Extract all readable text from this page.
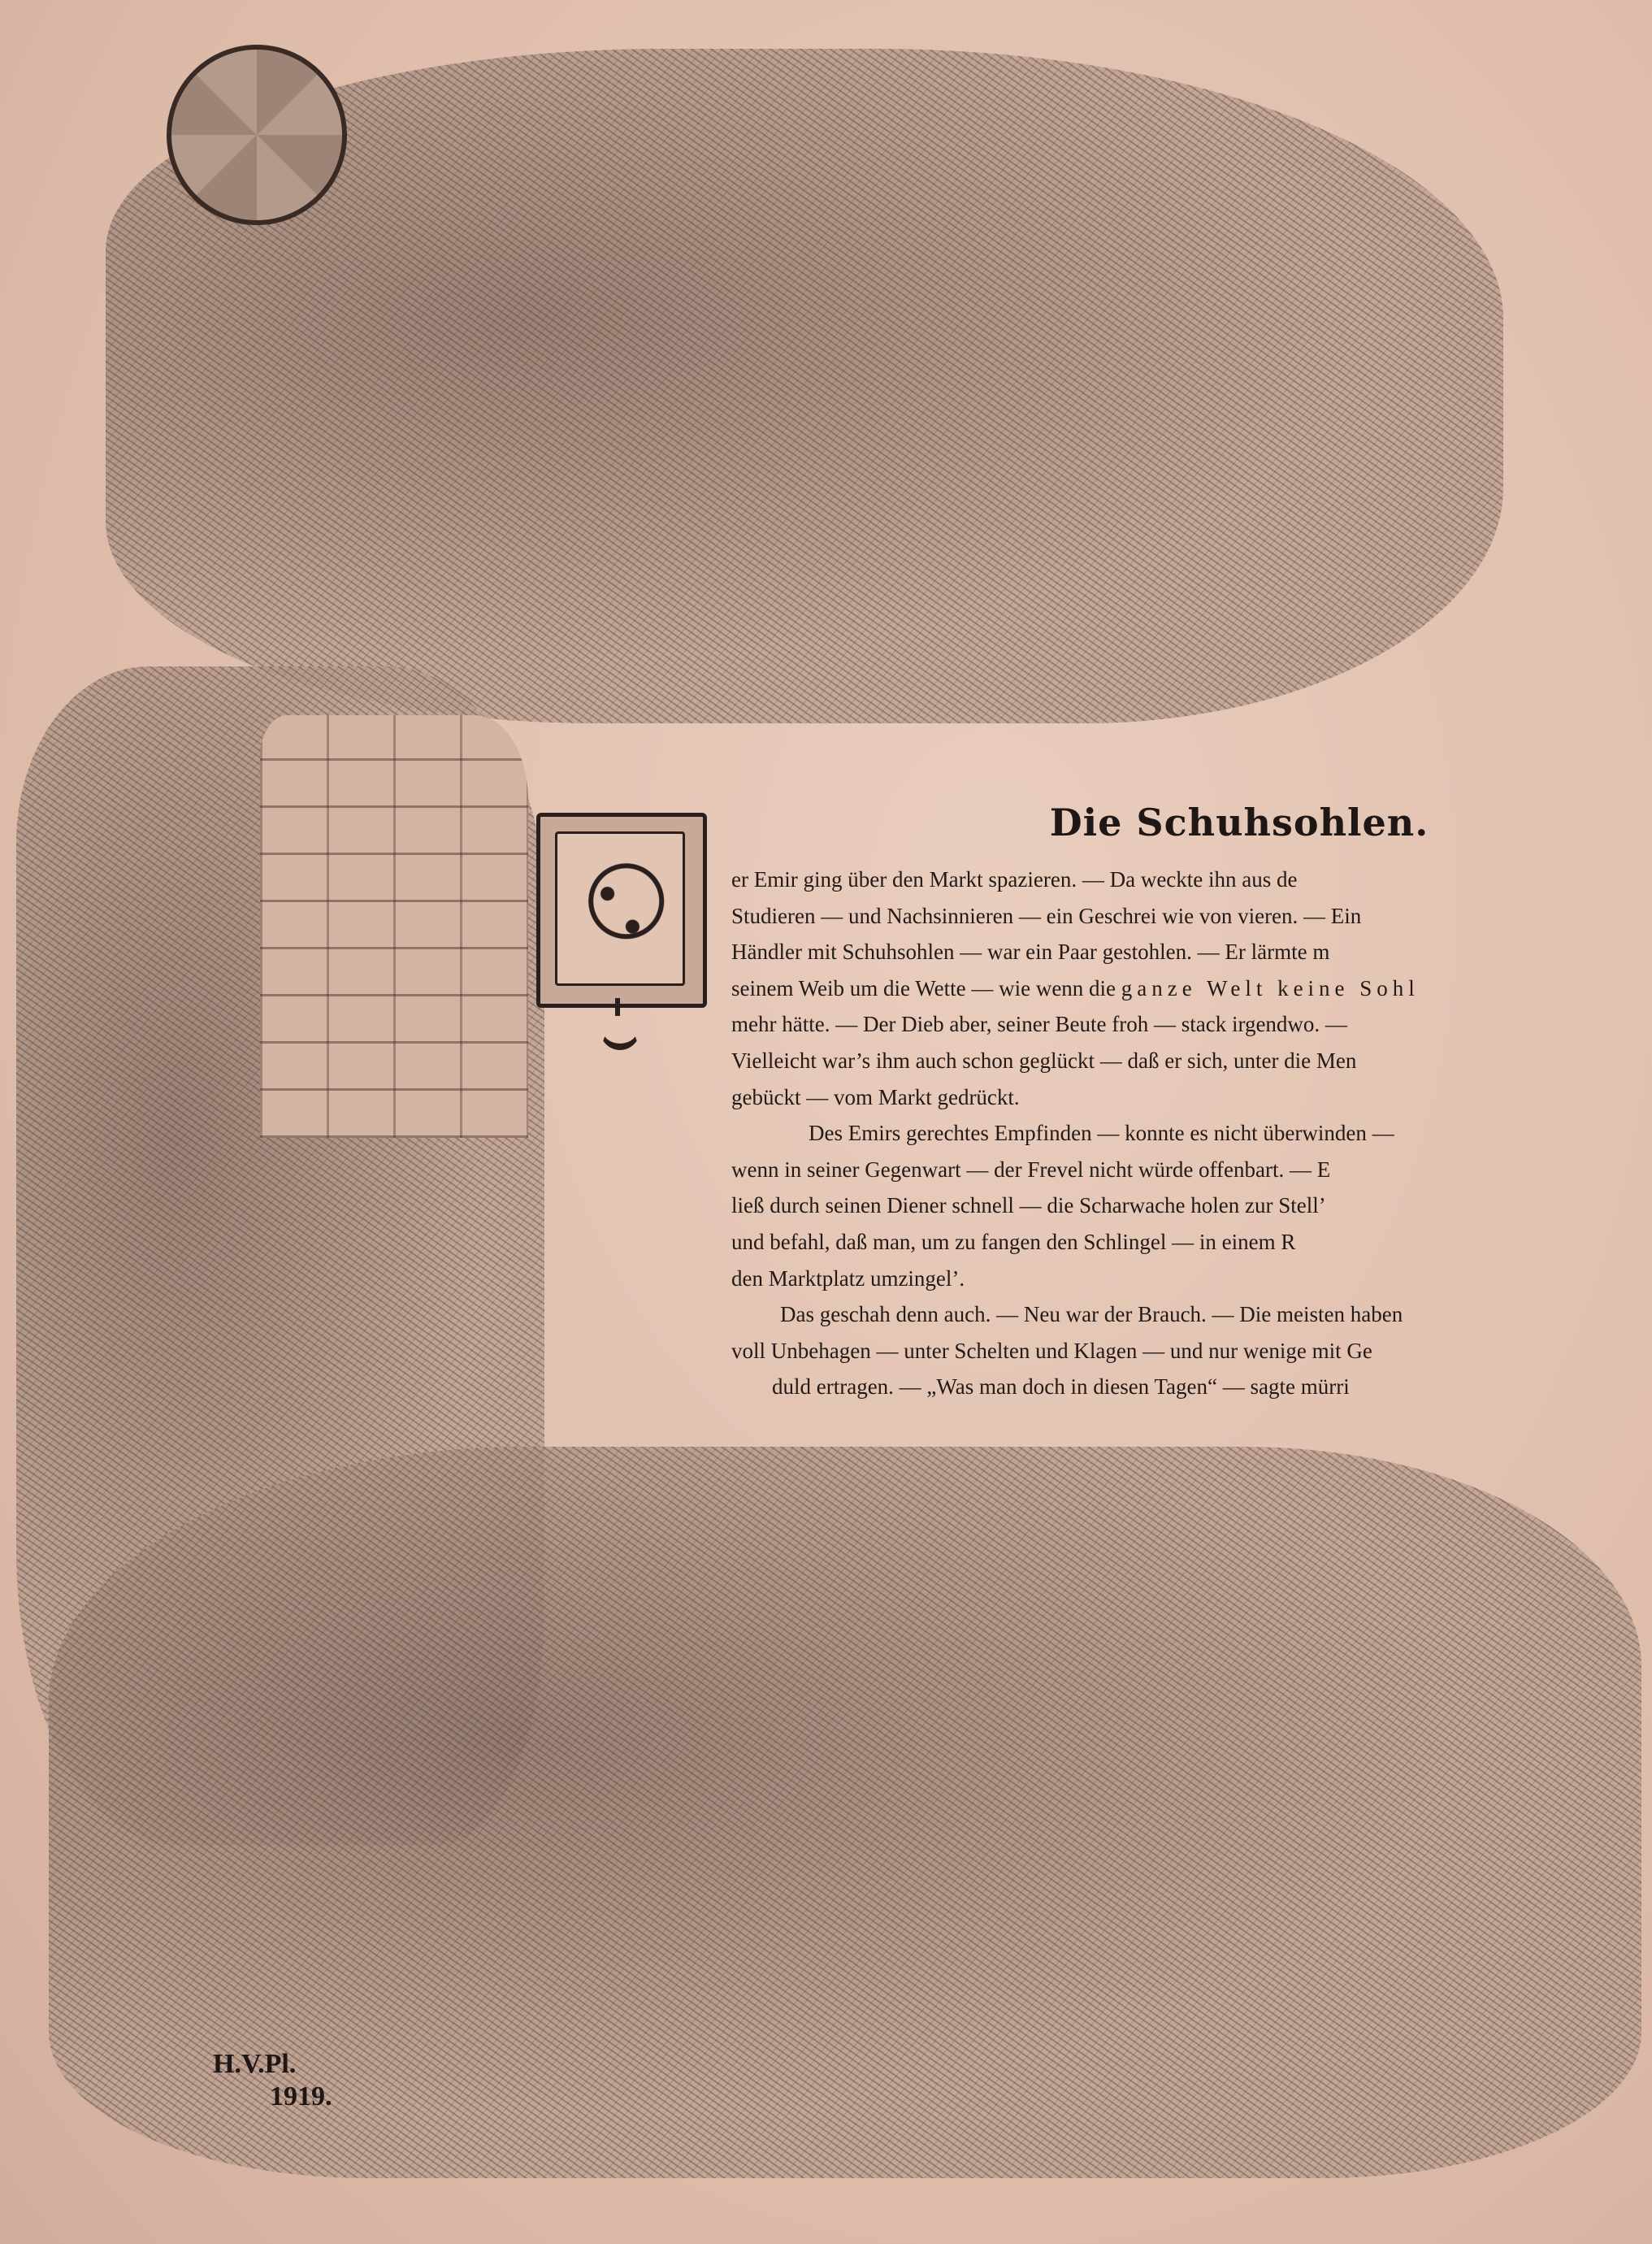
Die Schuhsohlen.
er Emir ging über den Markt spazieren. — Da weckte ihn aus de
Studieren — und Nachsinnieren — ein Geschrei wie von vieren. — Ein
Händler mit Schuhsohlen — war ein Paar gestohlen. — Er lärmte m
seinem Weib um die Wette — wie wenn die ganze Welt keine Sohl
mehr hätte. — Der Dieb aber, seiner Beute froh — stack irgendwo. —
Vielleicht war’s ihm auch schon geglückt — daß er sich, unter die Men
gebückt — vom Markt gedrückt.
Des Emirs gerechtes Empfinden — konnte es nicht überwinden —
wenn in seiner Gegenwart — der Frevel nicht würde offenbart. — E
ließ durch seinen Diener schnell — die Scharwache holen zur Stell’
und befahl, daß man, um zu fangen den Schlingel — in einem R
den Marktplatz umzingel’.
Das geschah denn auch. — Neu war der Brauch. — Die meisten haben
voll Unbehagen — unter Schelten und Klagen — und nur wenige mit Ge
duld ertragen. — „Was man doch in diesen Tagen“ — sagte mürri
H.V.Pl.
1919.
